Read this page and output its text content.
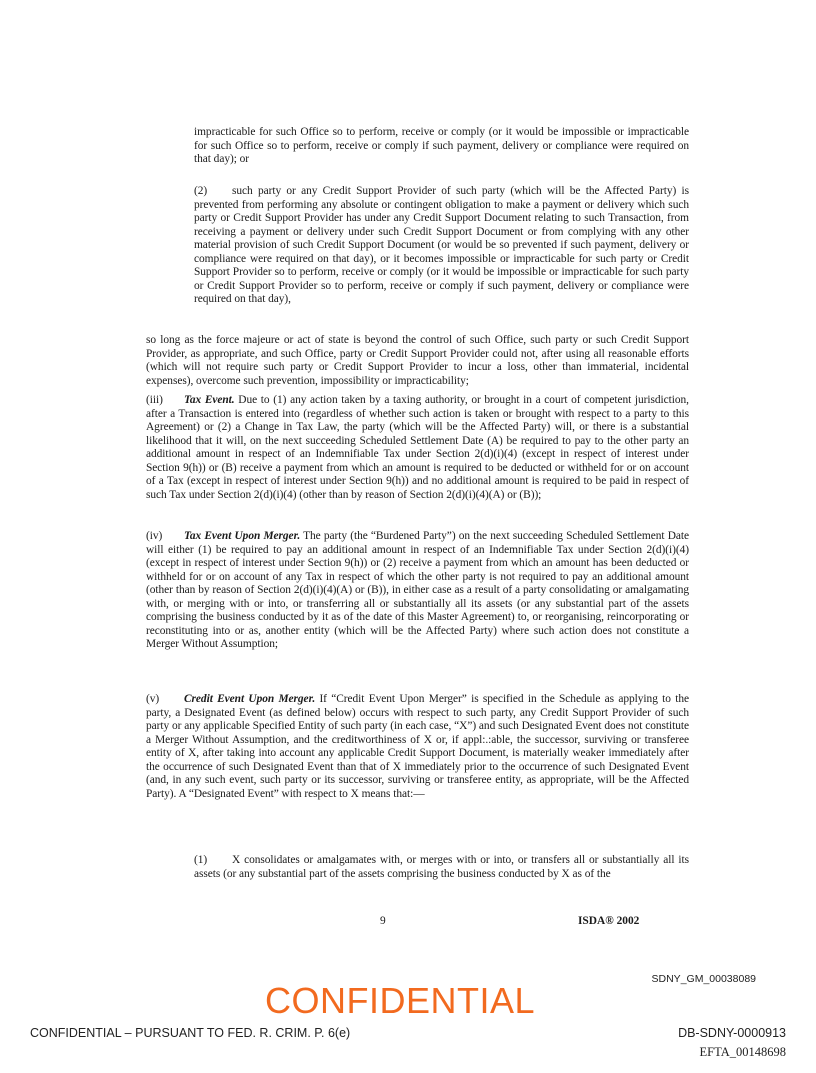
impracticable for such Office so to perform, receive or comply (or it would be impossible or impracticable for such Office so to perform, receive or comply if such payment, delivery or compliance were required on that day); or

(2) such party or any Credit Support Provider of such party (which will be the Affected Party) is prevented from performing any absolute or contingent obligation to make a payment or delivery which such party or Credit Support Provider has under any Credit Support Document relating to such Transaction, from receiving a payment or delivery under such Credit Support Document or from complying with any other material provision of such Credit Support Document (or would be so prevented if such payment, delivery or compliance were required on that day), or it becomes impossible or impracticable for such party or Credit Support Provider so to perform, receive or comply (or it would be impossible or impracticable for such party or Credit Support Provider so to perform, receive or comply if such payment, delivery or compliance were required on that day),

so long as the force majeure or act of state is beyond the control of such Office, such party or such Credit Support Provider, as appropriate, and such Office, party or Credit Support Provider could not, after using all reasonable efforts (which will not require such party or Credit Support Provider to incur a loss, other than immaterial, incidental expenses), overcome such prevention, impossibility or impracticability;

(iii) Tax Event. Due to (1) any action taken by a taxing authority, or brought in a court of competent jurisdiction, after a Transaction is entered into (regardless of whether such action is taken or brought with respect to a party to this Agreement) or (2) a Change in Tax Law, the party (which will be the Affected Party) will, or there is a substantial likelihood that it will, on the next succeeding Scheduled Settlement Date (A) be required to pay to the other party an additional amount in respect of an Indemnifiable Tax under Section 2(d)(i)(4) (except in respect of interest under Section 9(h)) or (B) receive a payment from which an amount is required to be deducted or withheld for or on account of a Tax (except in respect of interest under Section 9(h)) and no additional amount is required to be paid in respect of such Tax under Section 2(d)(i)(4) (other than by reason of Section 2(d)(i)(4)(A) or (B));

(iv) Tax Event Upon Merger. The party (the “Burdened Party”) on the next succeeding Scheduled Settlement Date will either (1) be required to pay an additional amount in respect of an Indemnifiable Tax under Section 2(d)(i)(4) (except in respect of interest under Section 9(h)) or (2) receive a payment from which an amount has been deducted or withheld for or on account of any Tax in respect of which the other party is not required to pay an additional amount (other than by reason of Section 2(d)(i)(4)(A) or (B)), in either case as a result of a party consolidating or amalgamating with, or merging with or into, or transferring all or substantially all its assets (or any substantial part of the assets comprising the business conducted by it as of the date of this Master Agreement) to, or reorganising, reincorporating or reconstituting into or as, another entity (which will be the Affected Party) where such action does not constitute a Merger Without Assumption;

(v) Credit Event Upon Merger. If “Credit Event Upon Merger” is specified in the Schedule as applying to the party, a Designated Event (as defined below) occurs with respect to such party, any Credit Support Provider of such party or any applicable Specified Entity of such party (in each case, “X”) and such Designated Event does not constitute a Merger Without Assumption, and the creditworthiness of X or, if appl:.:able, the successor, surviving or transferee entity of X, after taking into account any applicable Credit Support Document, is materially weaker immediately after the occurrence of such Designated Event than that of X immediately prior to the occurrence of such Designated Event (and, in any such event, such party or its successor, surviving or transferee entity, as appropriate, will be the Affected Party). A “Designated Event” with respect to X means that:—

(1) X consolidates or amalgamates with, or merges with or into, or transfers all or substantially all its assets (or any substantial part of the assets comprising the business conducted by X as of the

9	ISDA® 2002
SDNY_GM_00038089
CONFIDENTIAL
CONFIDENTIAL – PURSUANT TO FED. R. CRIM. P. 6(e)	DB-SDNY-0000913
EFTA_00148698
